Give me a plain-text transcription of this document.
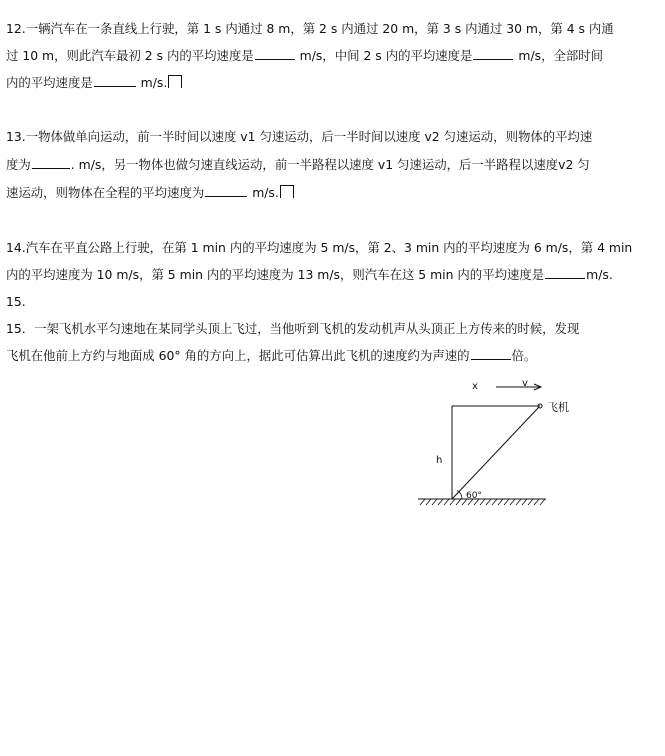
12.一辆汽车在一条直线上行驶，第 1 s 内通过 8 m，第 2 s 内通过 20 m，第 3 s 内通过 30 m，第 4 s 内通
过 10 m，则此汽车最初 2 s 内的平均速度是	m/s，中间 2 s 内的平均速度是	m/s，全部时间
内的平均速度是	m/s.
13.一物体做单向运动，前一半时间以速度 v1 匀速运动，后一半时间以速度 v2 匀速运动，则物体的平均速
度为	. m/s，另一物体也做匀速直线运动，前一半路程以速度 v1 匀速运动，后一半路程以速度v2 匀
速运动，则物体在全程的平均速度为	m/s.
14.汽车在平直公路上行驶，在第 1 min 内的平均速度为 5 m/s，第 2、3 min 内的平均速度为 6 m/s，第 4 min
内的平均速度为 10 m/s，第 5 min 内的平均速度为 13 m/s，则汽车在这 5 min 内的平均速度是	m/s.
15.
15．一架飞机水平匀速地在某同学头顶上飞过，当他听到飞机的发动机声从头顶正上方传来的时候，发现
飞机在他前上方约与地面成 60° 角的方向上，据此可估算出此飞机的速度约为声速的	倍。
x	v
h
飞机
60°
